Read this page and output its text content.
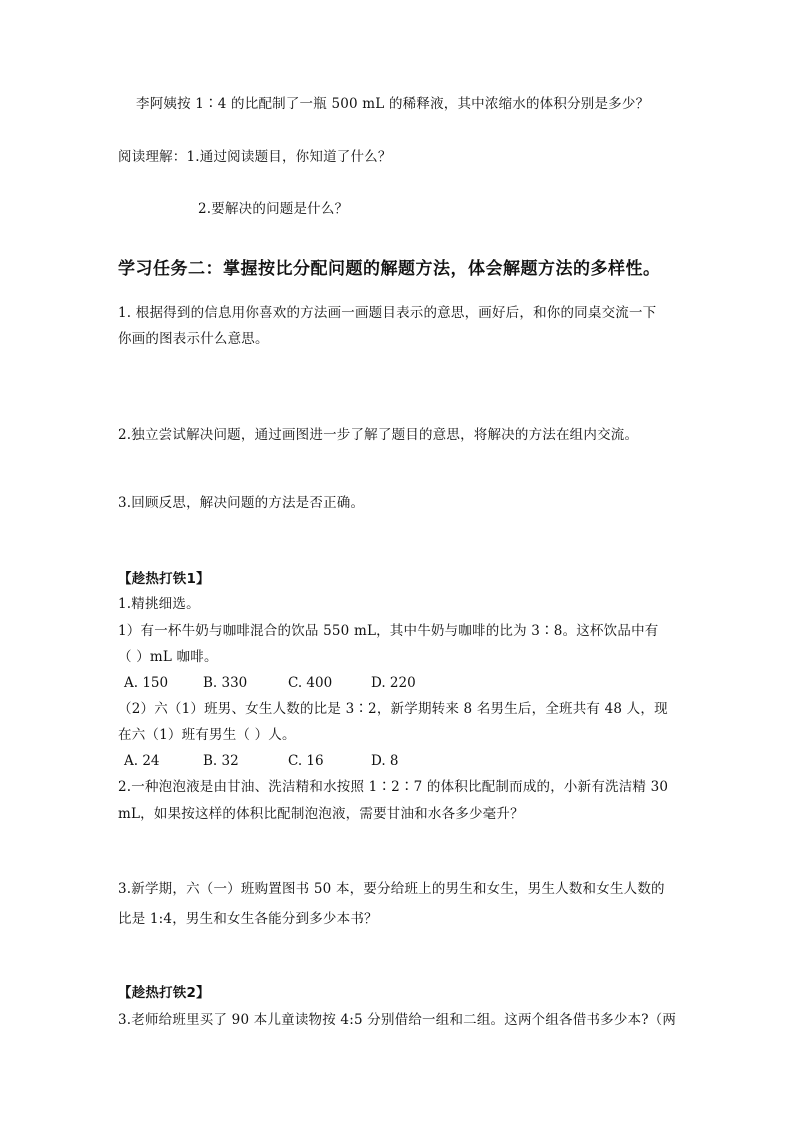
李阿姨按 1∶4 的比配制了一瓶 500 mL 的稀释液，其中浓缩水的体积分别是多少？
阅读理解：1.通过阅读题目，你知道了什么？
2.要解决的问题是什么？
学习任务二：掌握按比分配问题的解题方法，体会解题方法的多样性。
1. 根据得到的信息用你喜欢的方法画一画题目表示的意思，画好后，和你的同桌交流一下
你画的图表示什么意思。
2.独立尝试解决问题，通过画图进一步了解了题目的意思，将解决的方法在组内交流。
3.回顾反思，解决问题的方法是否正确。
【趁热打铁1】
1.精挑细选。
1）有一杯牛奶与咖啡混合的饮品 550 mL，其中牛奶与咖啡的比为 3∶8。这杯饮品中有
（ ）mL 咖啡。
A. 150	B. 330	C. 400	D. 220
（2）六（1）班男、女生人数的比是 3∶2，新学期转来 8 名男生后，全班共有 48 人，现
在六（1）班有男生（ ）人。
A. 24	B. 32	C. 16	D. 8
2.一种泡泡液是由甘油、洗洁精和水按照 1∶2∶7 的体积比配制而成的，小新有洗洁精 30
mL，如果按这样的体积比配制泡泡液，需要甘油和水各多少毫升？
3.新学期，六（一）班购置图书 50 本，要分给班上的男生和女生，男生人数和女生人数的
比是 1:4，男生和女生各能分到多少本书？
【趁热打铁2】
3.老师给班里买了 90 本儿童读物按 4:5 分别借给一组和二组。这两个组各借书多少本?（两
